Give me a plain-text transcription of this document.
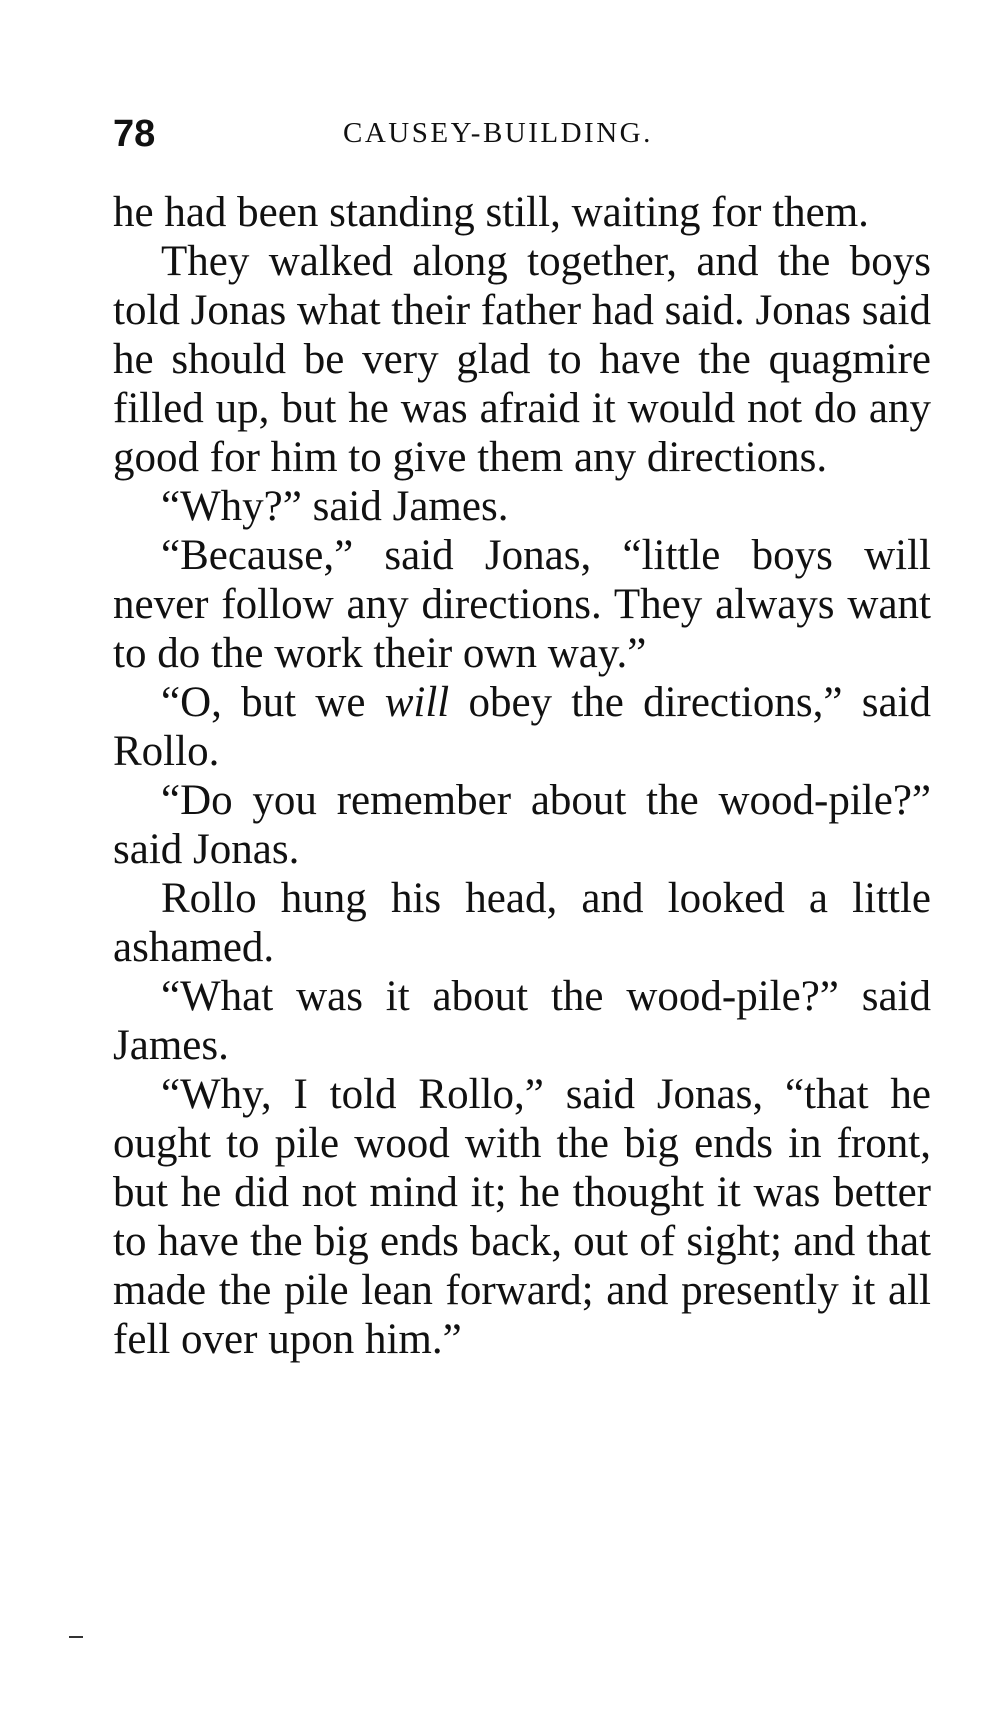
78	CAUSEY-BUILDING.

he had been standing still, waiting for them.

They walked along together, and the boys told Jonas what their father had said. Jonas said he should be very glad to have the quagmire filled up, but he was afraid it would not do any good for him to give them any directions.

“Why?” said James.

“Because,” said Jonas, “little boys will never follow any directions. They always want to do the work their own way.”

“O, but we will obey the directions,” said Rollo.

“Do you remember about the wood-pile?” said Jonas.

Rollo hung his head, and looked a little ashamed.

“What was it about the wood-pile?” said James.

“Why, I told Rollo,” said Jonas, “that he ought to pile wood with the big ends in front, but he did not mind it; he thought it was better to have the big ends back, out of sight; and that made the pile lean forward; and presently it all fell over upon him.”
